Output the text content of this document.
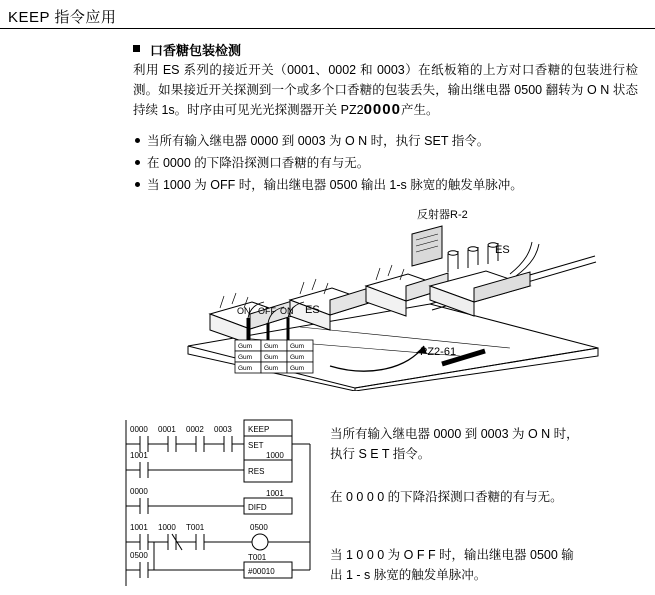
KEEP 指令应用
口香糖包装检测
利用 ES 系列的接近开关（0001、0002 和 0003）在纸板箱的上方对口香糖的包装进行检测。如果接近开关探测到一个或多个口香糖的包装丢失，输出继电器 0500 翻转为 O N 状态持续 1s。时序由可见光光探测器开关 PZ20000产生。
当所有输入继电器 0000 到 0003 为 O N 时，执行 SET 指令。
在 0000 的下降沿探测口香糖的有与无。
当 1000 为 OFF 时，输出继电器 0500 输出 1-s 脉宽的触发单脉冲。
Gum Gum Gum
Gum Gum Gum
Gum Gum Gum
反射器R-2
ES
ES
ON OFF ON
PZ2-61
0000 0001 0002 0003 KEEP
SET
1000
RES
1001
0000	1001
DIFD
1001 1000 T001	0500
0500	T001
#00010
当所有输入继电器 0000 到 0003 为 O N 时，执行 S E T 指令。
在 0 0 0 0 的下降沿探测口香糖的有与无。
当 1 0 0 0 为 O F F 时，输出继电器 0500 输出 1 - s 脉宽的触发单脉冲。
